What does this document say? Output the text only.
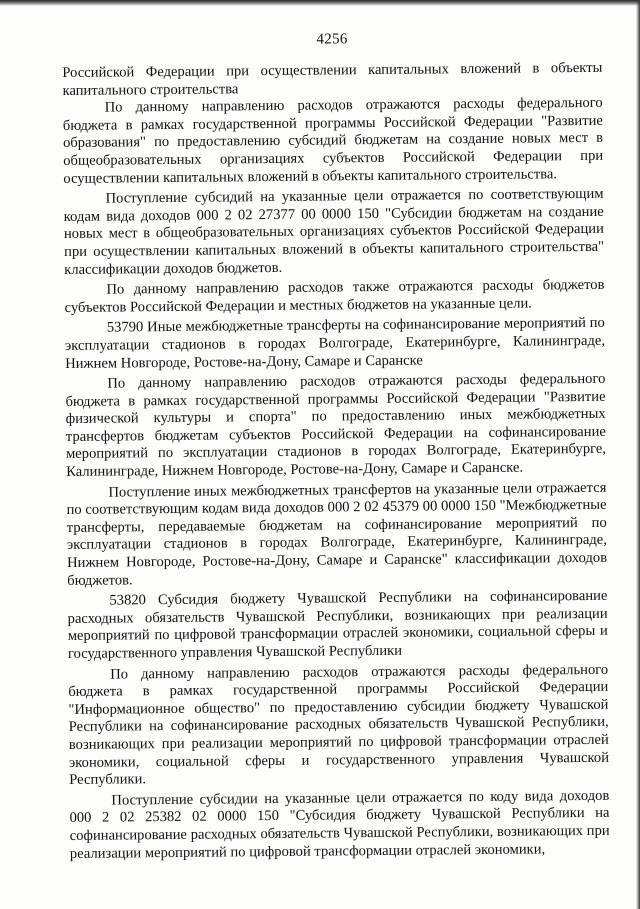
4256

Российской Федерации при осуществлении капитальных вложений в объекты капитального строительства

По данному направлению расходов отражаются расходы федерального бюджета в рамках государственной программы Российской Федерации "Развитие образования" по предоставлению субсидий бюджетам на создание новых мест в общеобразовательных организациях субъектов Российской Федерации при осуществлении капитальных вложений в объекты капитального строительства.

Поступление субсидий на указанные цели отражается по соответствующим кодам вида доходов 000 2 02 27377 00 0000 150 "Субсидии бюджетам на создание новых мест в общеобразовательных организациях субъектов Российской Федерации при осуществлении капитальных вложений в объекты капитального строительства" классификации доходов бюджетов.

По данному направлению расходов также отражаются расходы бюджетов субъектов Российской Федерации и местных бюджетов на указанные цели.

53790 Иные межбюджетные трансферты на софинансирование мероприятий по эксплуатации стадионов в городах Волгограде, Екатеринбурге, Калининграде, Нижнем Новгороде, Ростове-на-Дону, Самаре и Саранске

По данному направлению расходов отражаются расходы федерального бюджета в рамках государственной программы Российской Федерации "Развитие физической культуры и спорта" по предоставлению иных межбюджетных трансфертов бюджетам субъектов Российской Федерации на софинансирование мероприятий по эксплуатации стадионов в городах Волгограде, Екатеринбурге, Калининграде, Нижнем Новгороде, Ростове-на-Дону, Самаре и Саранске.

Поступление иных межбюджетных трансфертов на указанные цели отражается по соответствующим кодам вида доходов 000 2 02 45379 00 0000 150 "Межбюджетные трансферты, передаваемые бюджетам на софинансирование мероприятий по эксплуатации стадионов в городах Волгограде, Екатеринбурге, Калининграде, Нижнем Новгороде, Ростове-на-Дону, Самаре и Саранске" классификации доходов бюджетов.

53820 Субсидия бюджету Чувашской Республики на софинансирование расходных обязательств Чувашской Республики, возникающих при реализации мероприятий по цифровой трансформации отраслей экономики, социальной сферы и государственного управления Чувашской Республики

По данному направлению расходов отражаются расходы федерального бюджета в рамках государственной программы Российской Федерации "Информационное общество" по предоставлению субсидии бюджету Чувашской Республики на софинансирование расходных обязательств Чувашской Республики, возникающих при реализации мероприятий по цифровой трансформации отраслей экономики, социальной сферы и государственного управления Чувашской Республики.

Поступление субсидии на указанные цели отражается по коду вида доходов 000 2 02 25382 02 0000 150 "Субсидия бюджету Чувашской Республики на софинансирование расходных обязательств Чувашской Республики, возникающих при реализации мероприятий по цифровой трансформации отраслей экономики,
